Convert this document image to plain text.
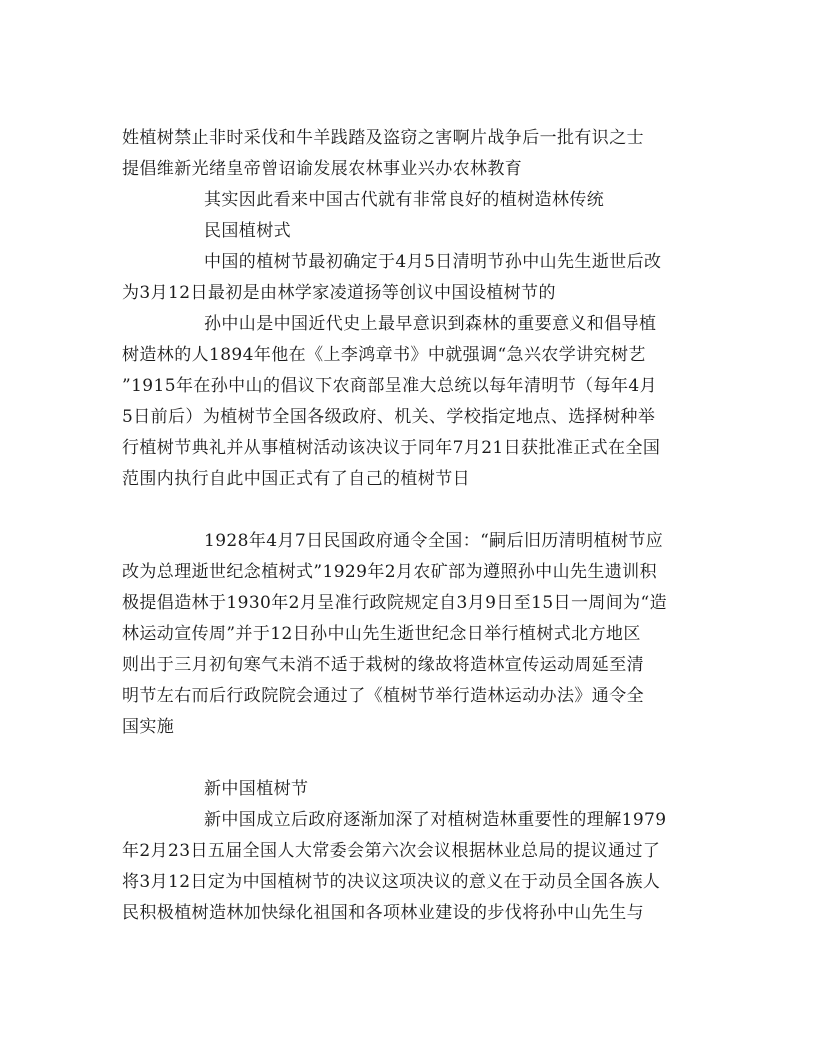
姓植树禁止非时采伐和牛羊践踏及盗窃之害啊片战争后一批有识之士
提倡维新光绪皇帝曾诏谕发展农林事业兴办农林教育
其实因此看来中国古代就有非常良好的植树造林传统
民国植树式
中国的植树节最初确定于4月5日清明节孙中山先生逝世后改
为3月12日最初是由林学家凌道扬等创议中国设植树节的
孙中山是中国近代史上最早意识到森林的重要意义和倡导植
树造林的人1894年他在《上李鸿章书》中就强调“急兴农学讲究树艺
”1915年在孙中山的倡议下农商部呈准大总统以每年清明节（每年4月
5日前后）为植树节全国各级政府、机关、学校指定地点、选择树种举
行植树节典礼并从事植树活动该决议于同年7月21日获批准正式在全国
范围内执行自此中国正式有了自己的植树节日
1928年4月7日民国政府通令全国：“嗣后旧历清明植树节应
改为总理逝世纪念植树式”1929年2月农矿部为遵照孙中山先生遗训积
极提倡造林于1930年2月呈准行政院规定自3月9日至15日一周间为“造
林运动宣传周”并于12日孙中山先生逝世纪念日举行植树式北方地区
则出于三月初旬寒气未消不适于栽树的缘故将造林宣传运动周延至清
明节左右而后行政院院会通过了《植树节举行造林运动办法》通令全
国实施
新中国植树节
新中国成立后政府逐渐加深了对植树造林重要性的理解1979
年2月23日五届全国人大常委会第六次会议根据林业总局的提议通过了
将3月12日定为中国植树节的决议这项决议的意义在于动员全国各族人
民积极植树造林加快绿化祖国和各项林业建设的步伐将孙中山先生与
